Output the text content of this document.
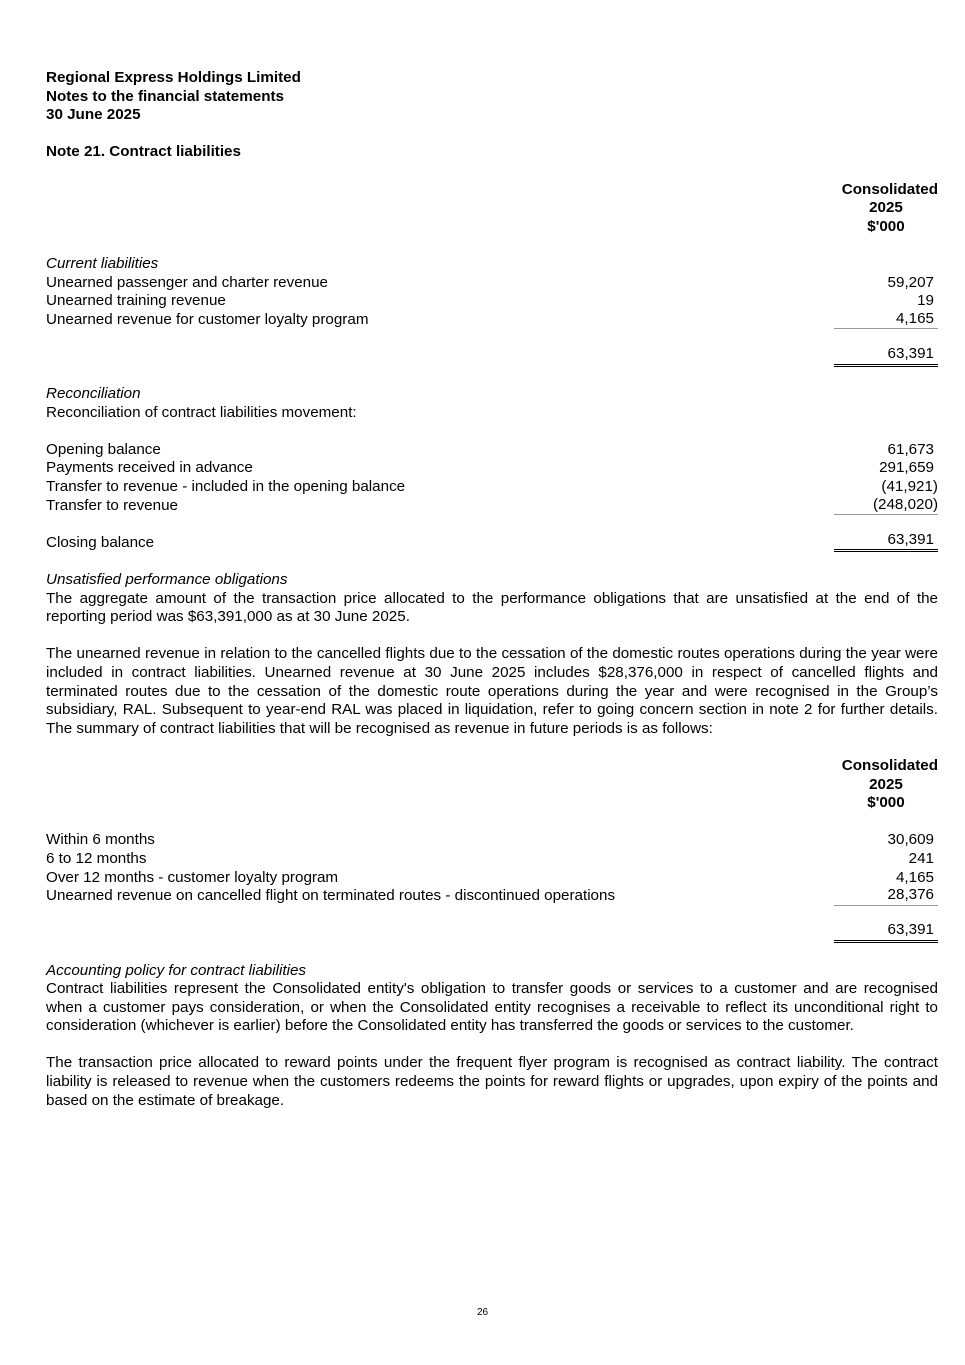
Regional Express Holdings Limited
Notes to the financial statements
30 June 2025
Note 21. Contract liabilities
Consolidated
2025
$'000
Current liabilities
Unearned passenger and charter revenue	59,207
Unearned training revenue	19
Unearned revenue for customer loyalty program	4,165
63,391
Reconciliation
Reconciliation of contract liabilities movement:
Opening balance	61,673
Payments received in advance	291,659
Transfer to revenue - included in the opening balance	(41,921)
Transfer to revenue	(248,020)
Closing balance	63,391
Unsatisfied performance obligations
The aggregate amount of the transaction price allocated to the performance obligations that are unsatisfied at the end of the reporting period was $63,391,000 as at 30 June 2025.
The unearned revenue in relation to the cancelled flights due to the cessation of the domestic routes operations during the year were included in contract liabilities. Unearned revenue at 30 June 2025 includes $28,376,000 in respect of cancelled flights and terminated routes due to the cessation of the domestic route operations during the year and were recognised in the Group’s subsidiary, RAL. Subsequent to year-end RAL was placed in liquidation, refer to going concern section in note 2 for further details. The summary of contract liabilities that will be recognised as revenue in future periods is as follows:
Consolidated
2025
$'000
Within 6 months	30,609
6 to 12 months	241
Over 12 months - customer loyalty program	4,165
Unearned revenue on cancelled flight on terminated routes - discontinued operations	28,376
63,391
Accounting policy for contract liabilities
Contract liabilities represent the Consolidated entity's obligation to transfer goods or services to a customer and are recognised when a customer pays consideration, or when the Consolidated entity recognises a receivable to reflect its unconditional right to consideration (whichever is earlier) before the Consolidated entity has transferred the goods or services to the customer.
The transaction price allocated to reward points under the frequent flyer program is recognised as contract liability. The contract liability is released to revenue when the customers redeems the points for reward flights or upgrades, upon expiry of the points and based on the estimate of breakage.
26
